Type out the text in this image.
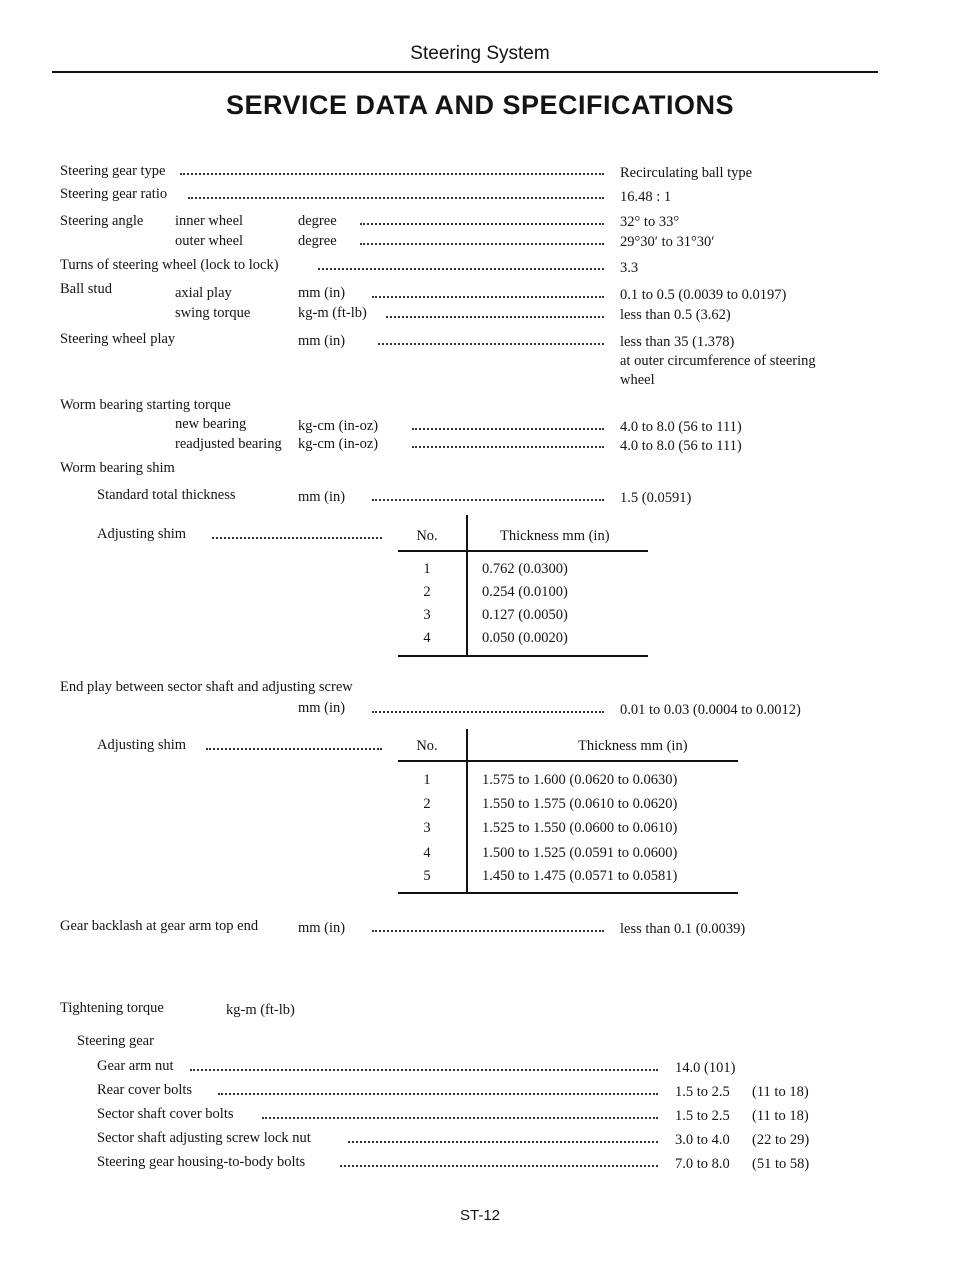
Steering System
SERVICE DATA AND SPECIFICATIONS
Steering gear type	Recirculating ball type
Steering gear ratio	16.48 : 1
Steering angle inner wheel	degree	32° to 33°
outer wheel	degree	29°30′ to 31°30′
Turns of steering wheel (lock to lock)	3.3
Ball stud	axial play	mm (in)	0.1 to 0.5 (0.0039 to 0.0197)
swing torque	kg-m (ft-lb)	less than 0.5 (3.62)
Steering wheel play	mm (in)	less than 35 (1.378)
at outer circumference of steering
wheel
Worm bearing starting torque
new bearing	kg-cm (in-oz)	4.0 to 8.0 (56 to 111)
readjusted bearing kg-cm (in-oz)	4.0 to 8.0 (56 to 111)
Worm bearing shim
Standard total thickness	mm (in)	1.5 (0.0591)
Adjusting shim	No.	Thickness mm (in)
1	0.762 (0.0300)
2	0.254 (0.0100)
3	0.127 (0.0050)
4	0.050 (0.0020)
End play between sector shaft and adjusting screw
mm (in)	0.01 to 0.03 (0.0004 to 0.0012)
Adjusting shim	No.	Thickness mm (in)
1	1.575 to 1.600 (0.0620 to 0.0630)
2	1.550 to 1.575 (0.0610 to 0.0620)
3	1.525 to 1.550 (0.0600 to 0.0610)
4	1.500 to 1.525 (0.0591 to 0.0600)
5	1.450 to 1.475 (0.0571 to 0.0581)
Gear backlash at gear arm top end	mm (in)	less than 0.1 (0.0039)
Tightening torque	kg-m (ft-lb)
Steering gear
Gear arm nut	14.0 (101)
Rear cover bolts	1.5 to 2.5 (11 to 18)
Sector shaft cover bolts	1.5 to 2.5 (11 to 18)
Sector shaft adjusting screw lock nut	3.0 to 4.0 (22 to 29)
Steering gear housing-to-body bolts	7.0 to 8.0 (51 to 58)
ST-12
